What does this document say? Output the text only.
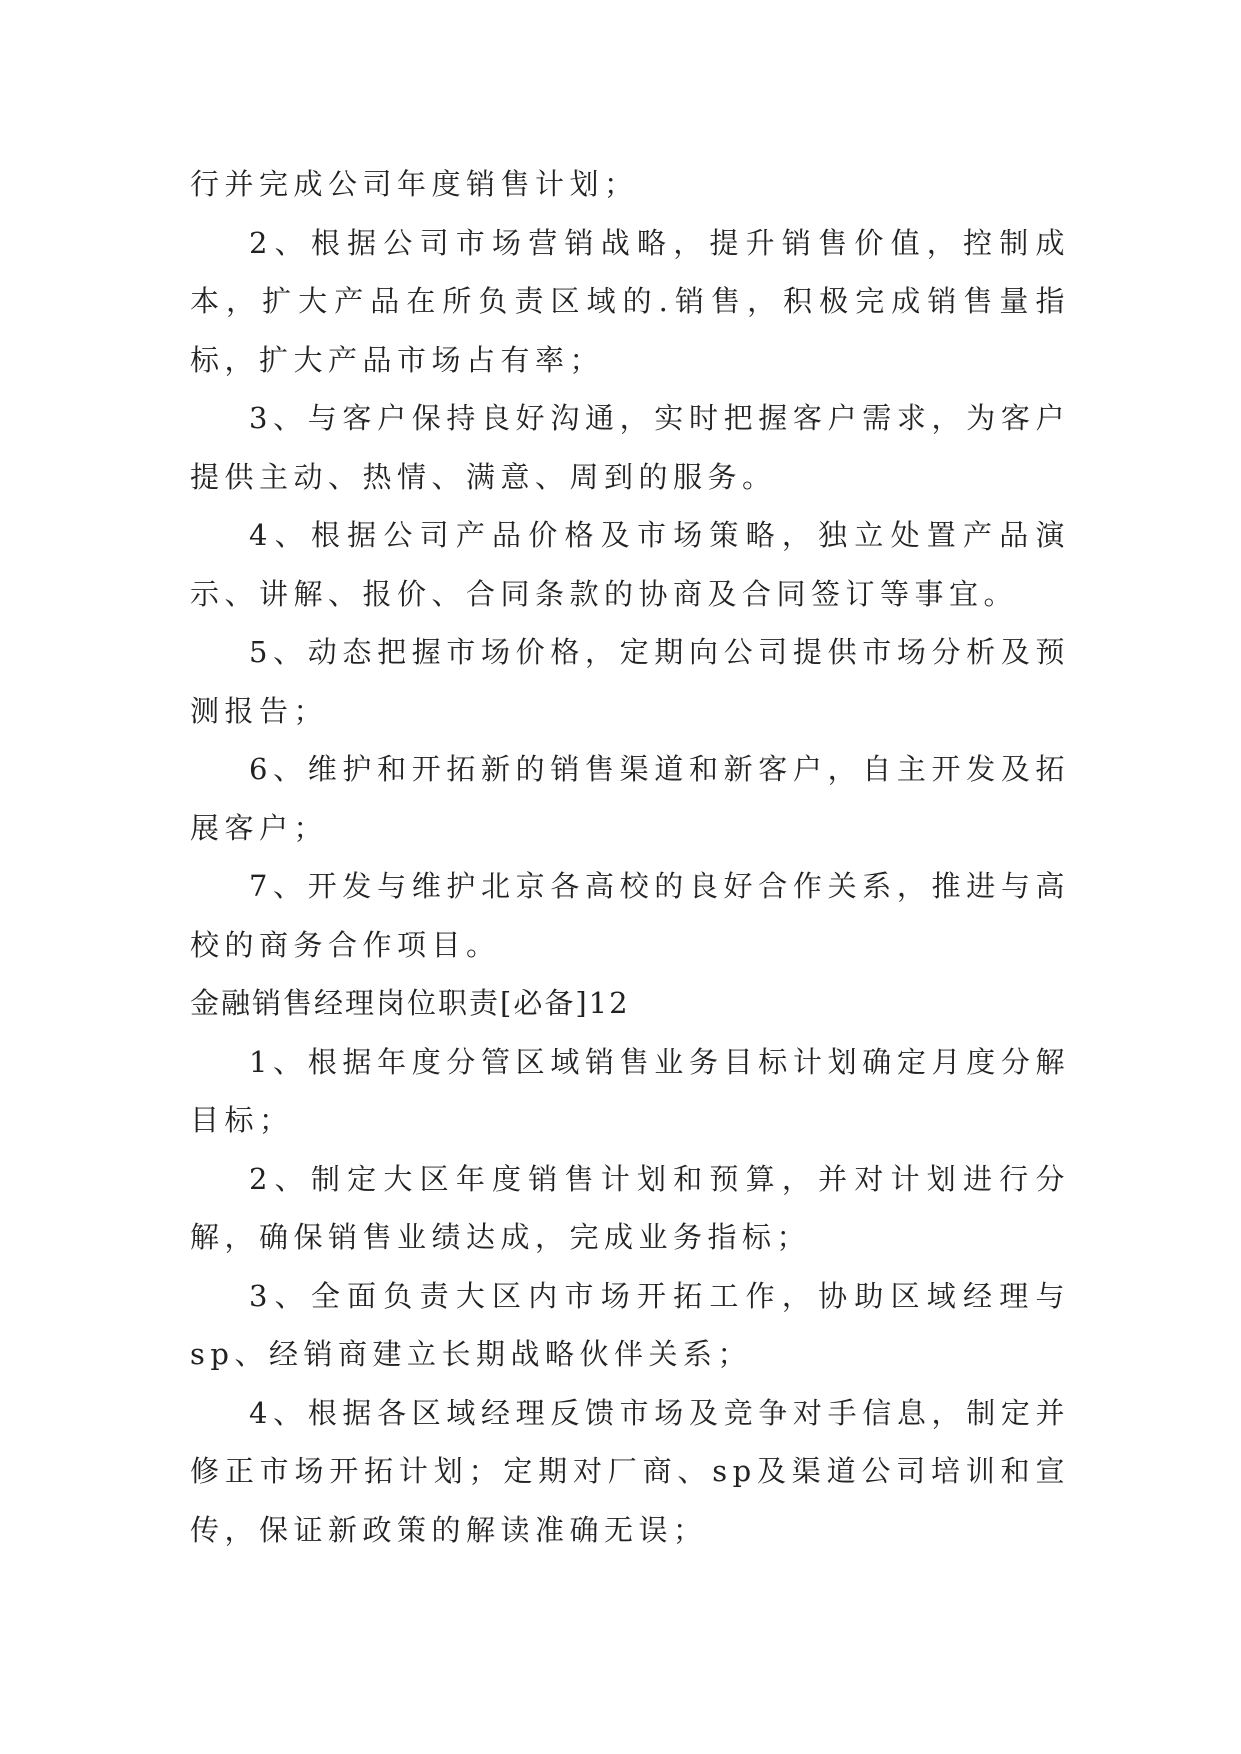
行并完成公司年度销售计划；

2、根据公司市场营销战略，提升销售价值，控制成本，扩大产品在所负责区域的.销售，积极完成销售量指标，扩大产品市场占有率；

3、与客户保持良好沟通，实时把握客户需求，为客户提供主动、热情、满意、周到的服务。

4、根据公司产品价格及市场策略，独立处置产品演示、讲解、报价、合同条款的协商及合同签订等事宜。

5、动态把握市场价格，定期向公司提供市场分析及预测报告；

6、维护和开拓新的销售渠道和新客户，自主开发及拓展客户；

7、开发与维护北京各高校的良好合作关系，推进与高校的商务合作项目。

金融销售经理岗位职责[必备]12

1、根据年度分管区域销售业务目标计划确定月度分解目标；

2、制定大区年度销售计划和预算，并对计划进行分解，确保销售业绩达成，完成业务指标；

3、全面负责大区内市场开拓工作，协助区域经理与sp、经销商建立长期战略伙伴关系；

4、根据各区域经理反馈市场及竞争对手信息，制定并修正市场开拓计划；定期对厂商、sp及渠道公司培训和宣传，保证新政策的解读准确无误；
